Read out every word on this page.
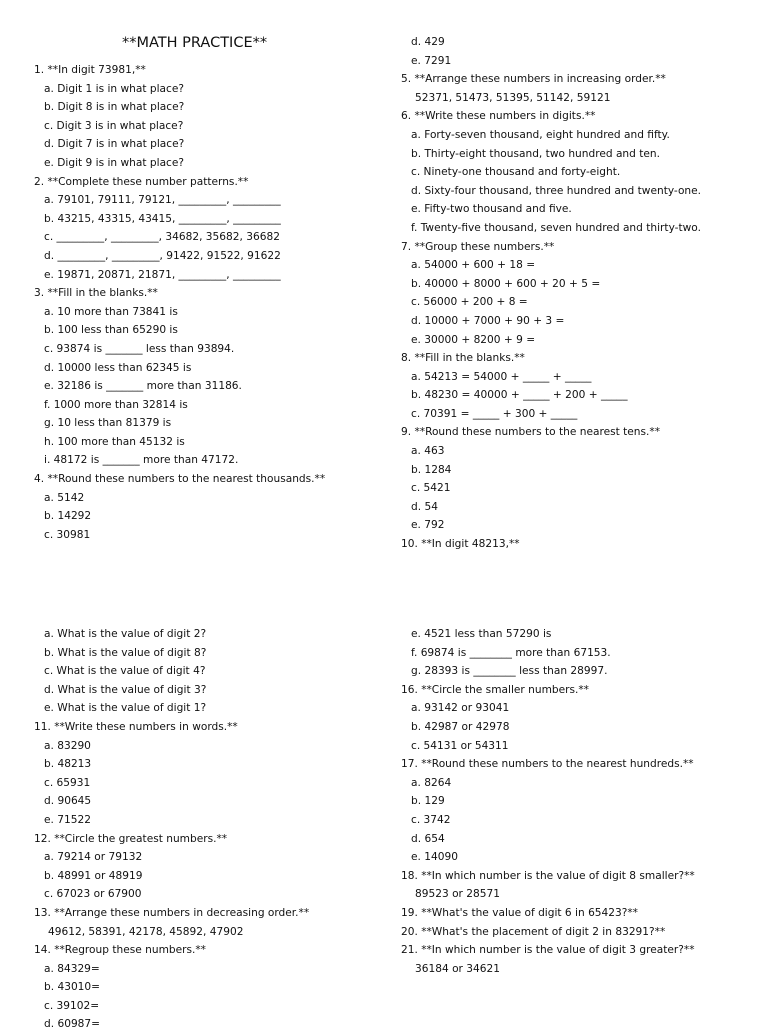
**MATH PRACTICE**
1. **In digit 73981,**
a. Digit 1 is in what place?
b. Digit 8 is in what place?
c. Digit 3 is in what place?
d. Digit 7 is in what place?
e. Digit 9 is in what place?
2. **Complete these number patterns.**
a. 79101, 79111, 79121, _________, _________
b. 43215, 43315, 43415, _________, _________
c. _________, _________, 34682, 35682, 36682
d. _________, _________, 91422, 91522, 91622
e. 19871, 20871, 21871, _________, _________
3. **Fill in the blanks.**
a. 10 more than 73841 is
b. 100 less than 65290 is
c. 93874 is _______ less than 93894.
d. 10000 less than 62345 is
e. 32186 is _______ more than 31186.
f. 1000 more than 32814 is
g. 10 less than 81379 is
h. 100 more than 45132 is
i. 48172 is _______ more than 47172.
4. **Round these numbers to the nearest thousands.**
a. 5142
b. 14292
c. 30981
d. 429
e. 7291
5. **Arrange these numbers in increasing order.**
52371, 51473, 51395, 51142, 59121
6. **Write these numbers in digits.**
a. Forty-seven thousand, eight hundred and fifty.
b. Thirty-eight thousand, two hundred and ten.
c. Ninety-one thousand and forty-eight.
d. Sixty-four thousand, three hundred and twenty-one.
e. Fifty-two thousand and five.
f. Twenty-five thousand, seven hundred and thirty-two.
7. **Group these numbers.**
a. 54000 + 600 + 18 =
b. 40000 + 8000 + 600 + 20 + 5 =
c. 56000 + 200 + 8 =
d. 10000 + 7000 + 90 + 3 =
e. 30000 + 8200 + 9 =
8. **Fill in the blanks.**
a. 54213 = 54000 + _____ + _____
b. 48230 = 40000 + _____ + 200 + _____
c. 70391 = _____ + 300 + _____
9. **Round these numbers to the nearest tens.**
a. 463
b. 1284
c. 5421
d. 54
e. 792
10. **In digit 48213,**
a. What is the value of digit 2?
b. What is the value of digit 8?
c. What is the value of digit 4?
d. What is the value of digit 3?
e. What is the value of digit 1?
11. **Write these numbers in words.**
a. 83290
b. 48213
c. 65931
d. 90645
e. 71522
12. **Circle the greatest numbers.**
a. 79214 or 79132
b. 48991 or 48919
c. 67023 or 67900
13. **Arrange these numbers in decreasing order.**
49612, 58391, 42178, 45892, 47902
14. **Regroup these numbers.**
a. 84329=
b. 43010=
c. 39102=
d. 60987=
e. 4521 less than 57290 is
f. 69874 is ________ more than 67153.
g. 28393 is ________ less than 28997.
16. **Circle the smaller numbers.**
a. 93142 or 93041
b. 42987 or 42978
c. 54131 or 54311
17. **Round these numbers to the nearest hundreds.**
a. 8264
b. 129
c. 3742
d. 654
e. 14090
18. **In which number is the value of digit 8 smaller?**
89523 or 28571
19. **What's the value of digit 6 in 65423?**
20. **What's the placement of digit 2 in 83291?**
21. **In which number is the value of digit 3 greater?**
36184 or 34621
